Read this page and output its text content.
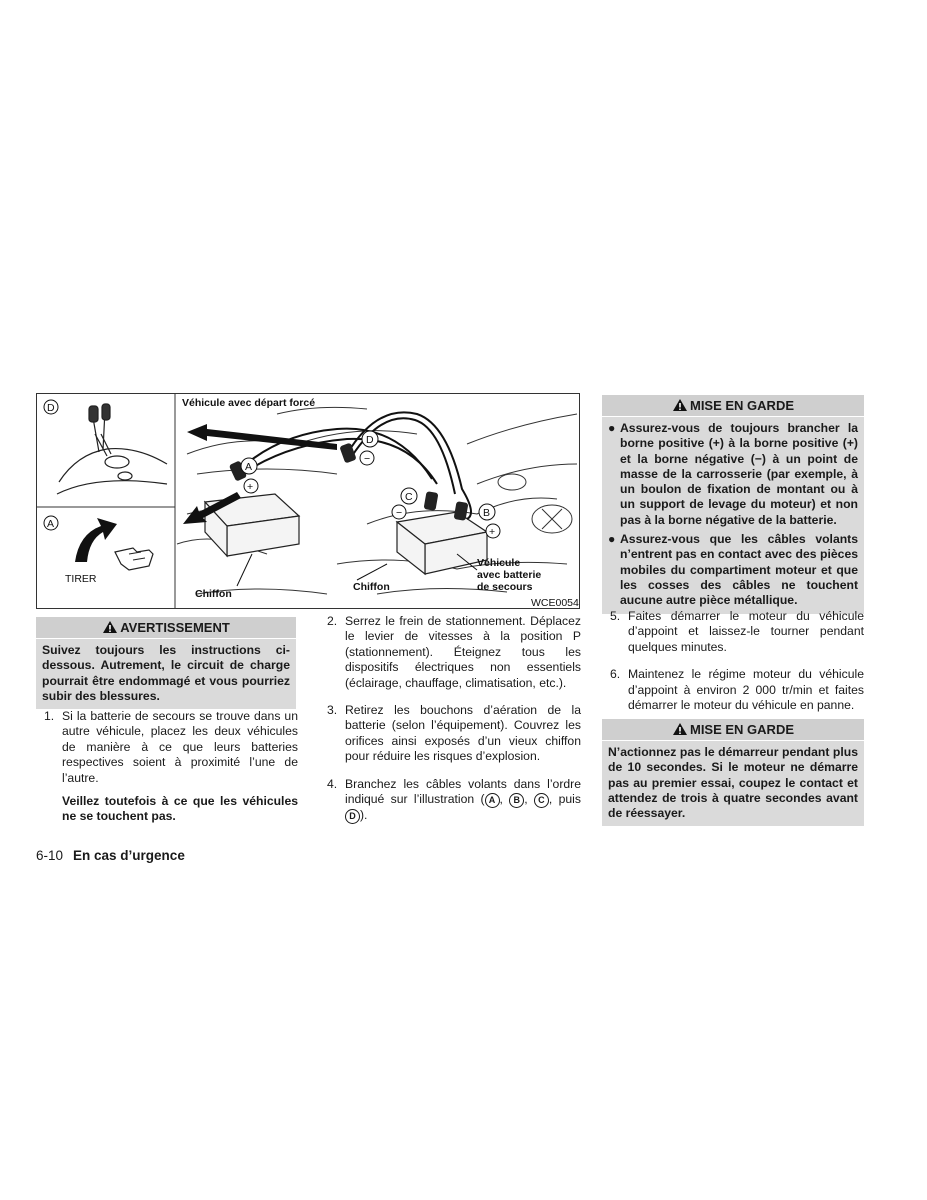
D
A
TIRER
Véhicule avec départ forcé
A
+
D
−
C
−	B
+
Chiffon
Chiffon
Véhicule
avec batterie
de secours
WCE0054
AVERTISSEMENT
Suivez toujours les instructions ci-dessous. Autrement, le circuit de charge pourrait être endommagé et vous pourriez subir des blessures.
1. Si la batterie de secours se trouve dans un autre véhicule, placez les deux véhicules de manière à ce que leurs batteries respectives soient à proximité l’une de l’autre.
Veillez toutefois à ce que les véhicules ne se touchent pas.
2. Serrez le frein de stationnement. Déplacez le levier de vitesses à la position P (stationnement). Éteignez tous les dispositifs électriques non essentiels (éclairage, chauffage, climatisation, etc.).
3. Retirez les bouchons d’aération de la batterie (selon l’équipement). Couvrez les orifices ainsi exposés d’un vieux chiffon pour réduire les risques d’explosion.
4. Branchez les câbles volants dans l’ordre indiqué sur l’illustration ( A , B , C , puis D ).
MISE EN GARDE
● Assurez-vous de toujours brancher la borne positive (+) à la borne positive (+) et la borne négative (−) à un point de masse de la carrosserie (par exemple, à un boulon de fixation de montant ou à un support de levage du moteur) et non pas à la borne négative de la batterie.
● Assurez-vous que les câbles volants n’entrent pas en contact avec des pièces mobiles du compartiment moteur et que les cosses des câbles ne touchent aucune autre pièce métallique.
5. Faites démarrer le moteur du véhicule d’appoint et laissez-le tourner pendant quelques minutes.
6. Maintenez le régime moteur du véhicule d’appoint à environ 2 000 tr/min et faites démarrer le moteur du véhicule en panne.
MISE EN GARDE
N’actionnez pas le démarreur pendant plus de 10 secondes. Si le moteur ne démarre pas au premier essai, coupez le contact et attendez de trois à quatre secondes avant de réessayer.
6-10 En cas d’urgence
